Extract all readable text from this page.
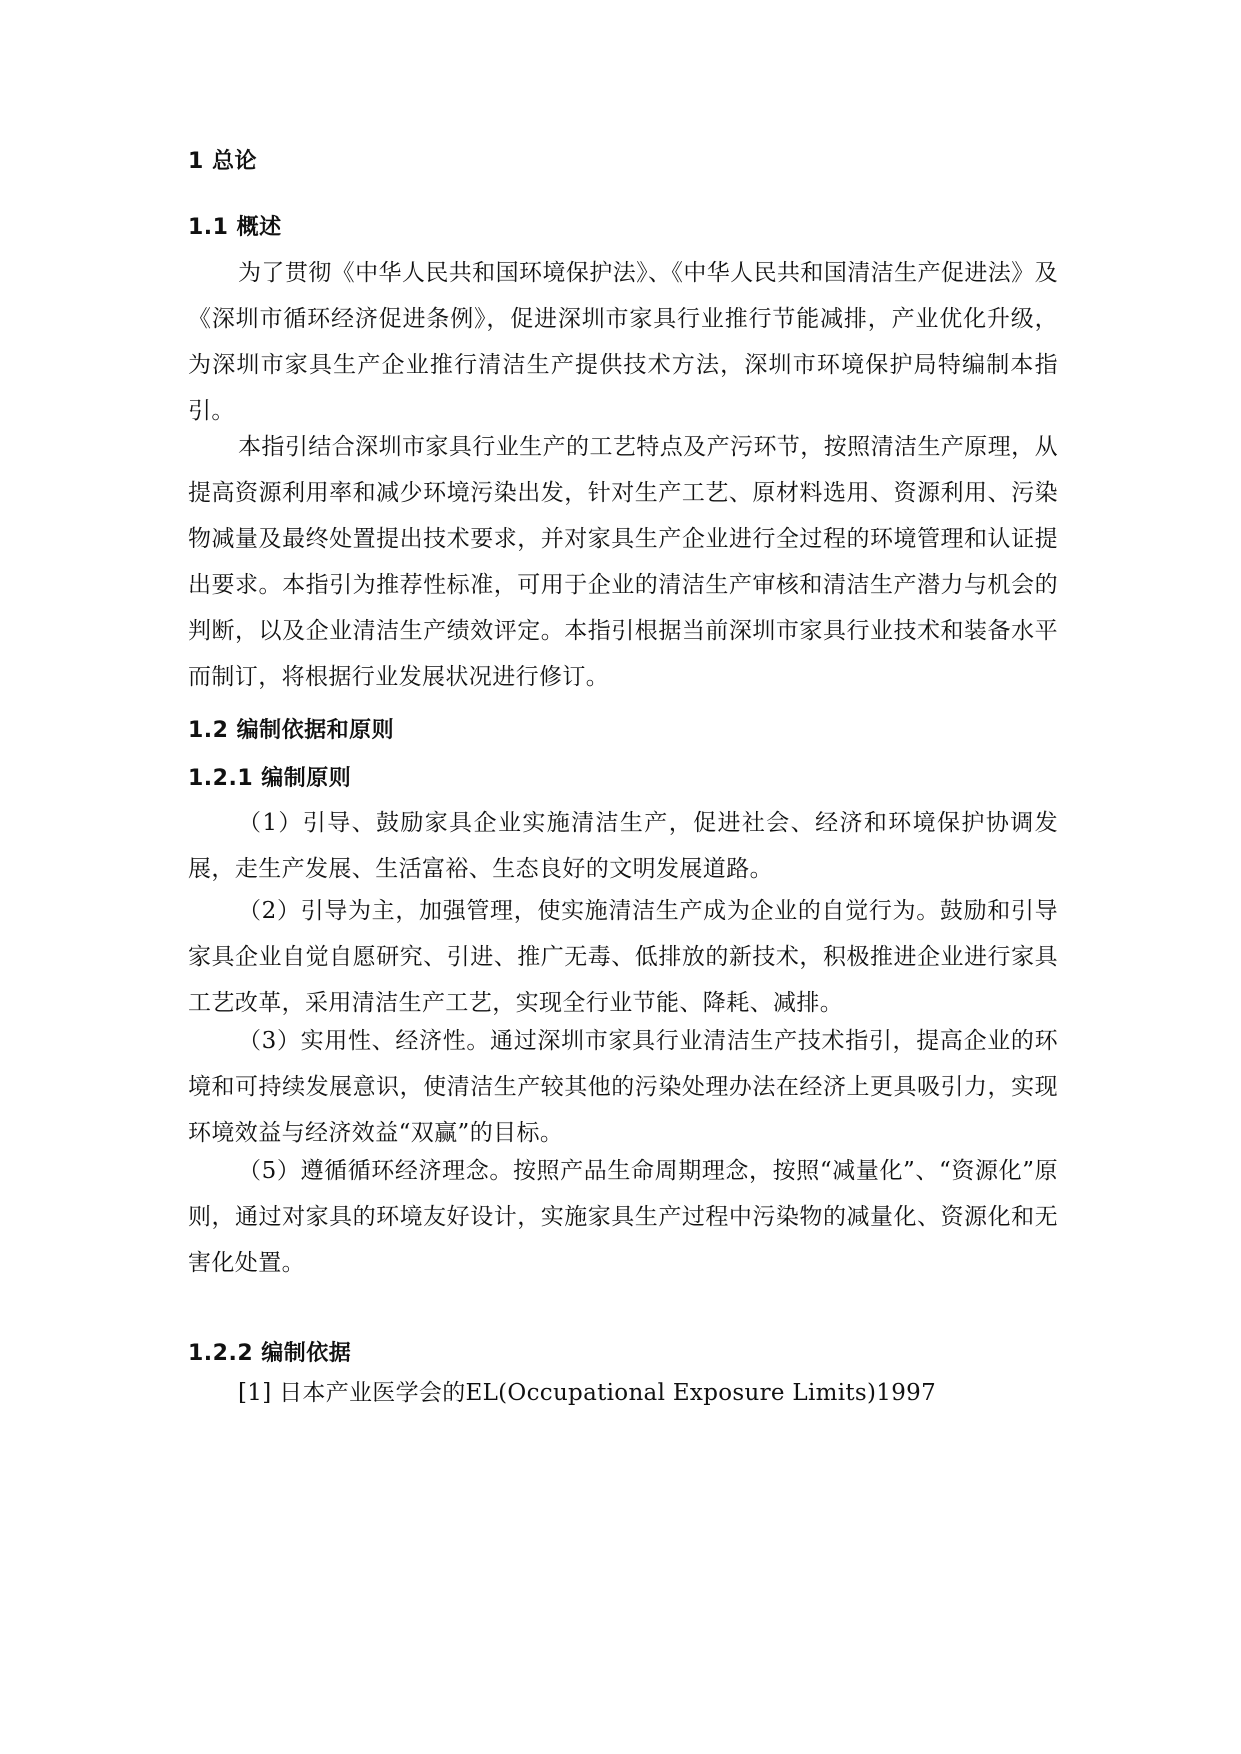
1 总论
1.1 概述

为了贯彻《中华人民共和国环境保护法》、《中华人民共和国清洁生产促进法》及《深圳市循环经济促进条例》，促进深圳市家具行业推行节能减排，产业优化升级，为深圳市家具生产企业推行清洁生产提供技术方法，深圳市环境保护局特编制本指引。

本指引结合深圳市家具行业生产的工艺特点及产污环节，按照清洁生产原理，从提高资源利用率和减少环境污染出发，针对生产工艺、原材料选用、资源利用、污染物减量及最终处置提出技术要求，并对家具生产企业进行全过程的环境管理和认证提出要求。本指引为推荐性标准，可用于企业的清洁生产审核和清洁生产潜力与机会的判断，以及企业清洁生产绩效评定。本指引根据当前深圳市家具行业技术和装备水平而制订，将根据行业发展状况进行修订。

1.2 编制依据和原则
1.2.1 编制原则

（1）引导、鼓励家具企业实施清洁生产，促进社会、经济和环境保护协调发展，走生产发展、生活富裕、生态良好的文明发展道路。

（2）引导为主，加强管理，使实施清洁生产成为企业的自觉行为。鼓励和引导家具企业自觉自愿研究、引进、推广无毒、低排放的新技术，积极推进企业进行家具工艺改革，采用清洁生产工艺，实现全行业节能、降耗、减排。

（3）实用性、经济性。通过深圳市家具行业清洁生产技术指引，提高企业的环境和可持续发展意识，使清洁生产较其他的污染处理办法在经济上更具吸引力，实现环境效益与经济效益“双赢”的目标。

（5）遵循循环经济理念。按照产品生命周期理念，按照“减量化”、“资源化”原则，通过对家具的环境友好设计，实施家具生产过程中污染物的减量化、资源化和无害化处置。

1.2.2 编制依据

[1] 日本产业医学会的EL(Occupational Exposure Limits)1997
